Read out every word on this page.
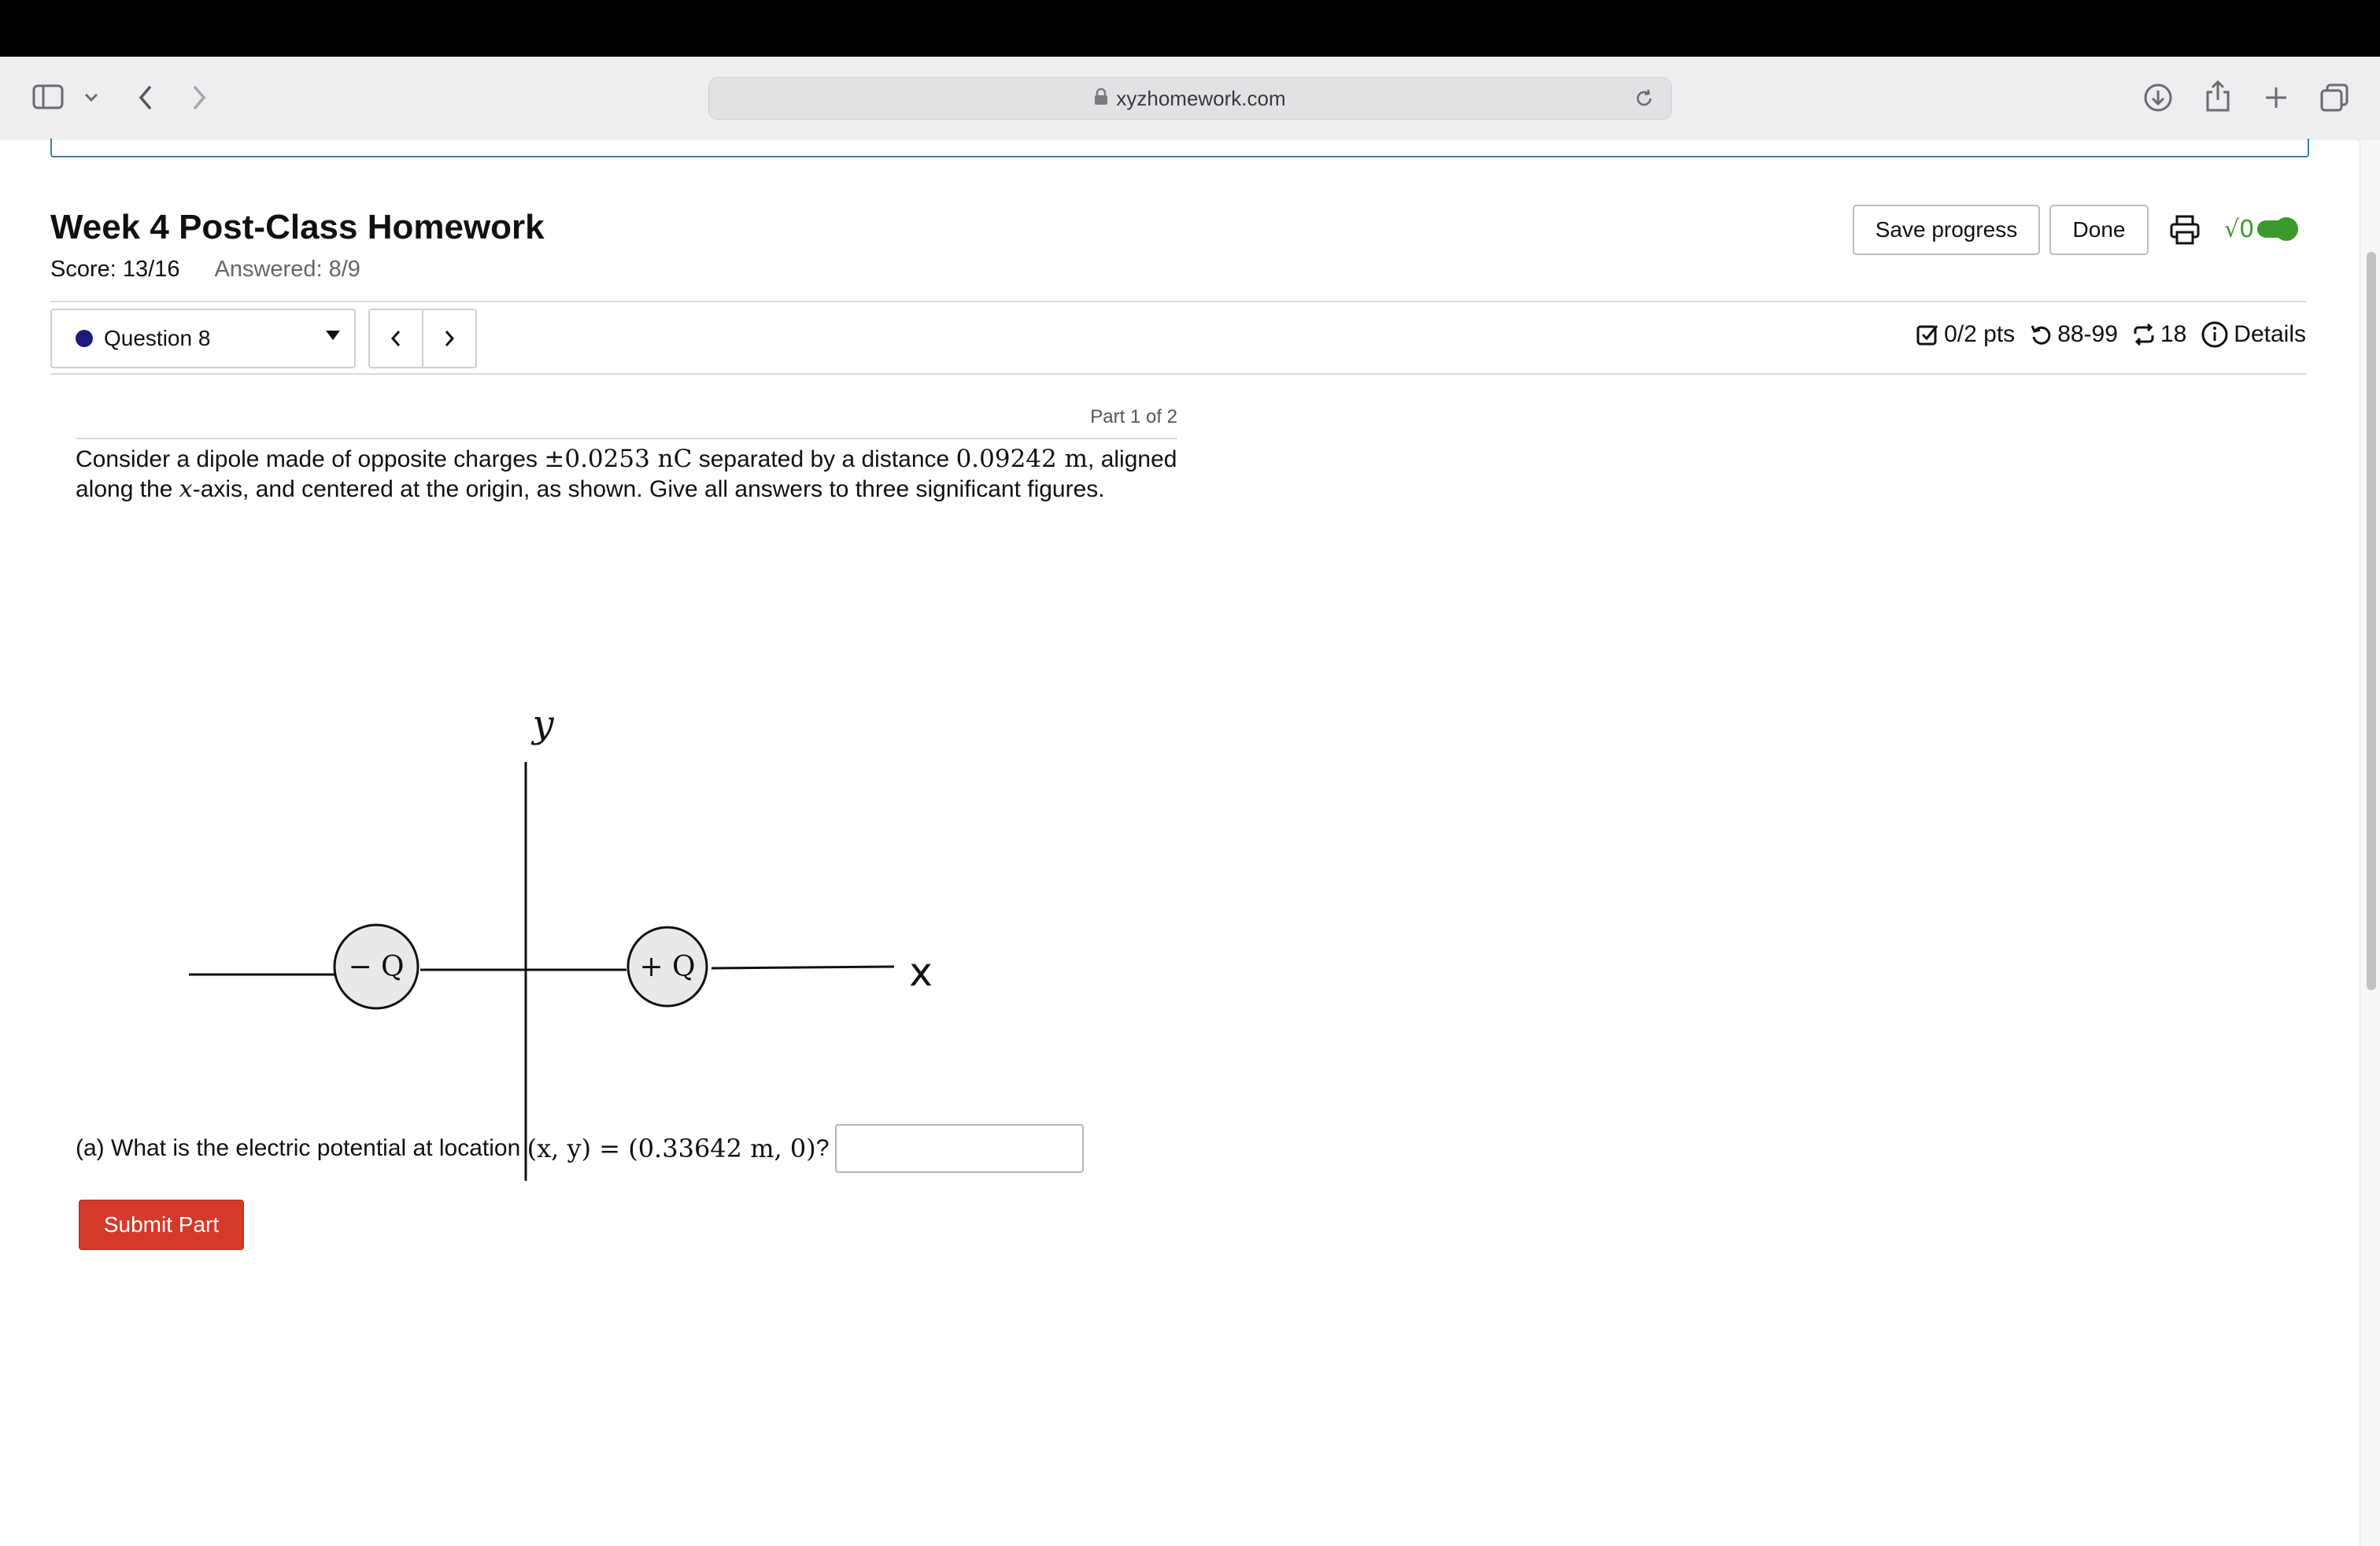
xyzhomework.com
Week 4 Post-Class Homework
Score: 13/16 Answered: 8/9
Save progress	Done	√0
Question 8	0/2 pts 88-99 18 Details
Part 1 of 2
Consider a dipole made of opposite charges ±0.0253 nC separated by a distance 0.09242 m, aligned along the x-axis, and centered at the origin, as shown. Give all answers to three significant figures.
− Q	+ Q
y
x
(a) What is the electric potential at location (x, y) = (0.33642 m, 0) ?
Submit Part
